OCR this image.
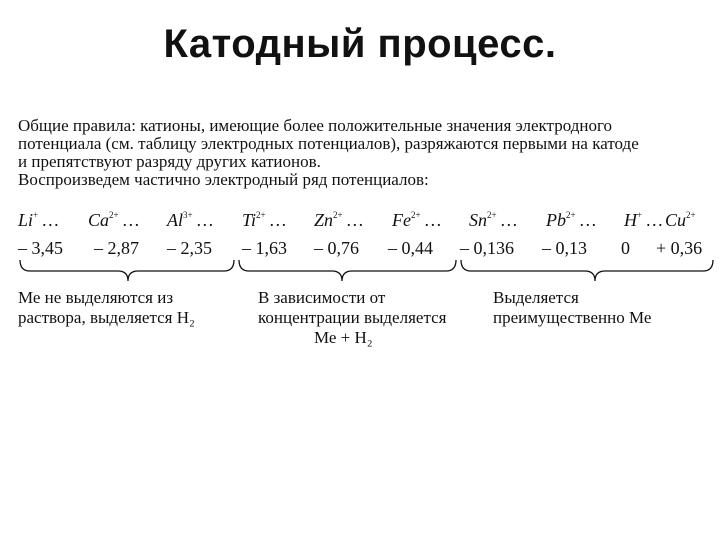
Катодный процесс.

Общие правила: катионы, имеющие более положительные значения электродного
потенциала (см. таблицу электродных потенциалов), разряжаются первыми на катоде
и препятствуют разряду других катионов.
Воспроизведем частично электродный ряд потенциалов:

Li+ … $Ca^{2+}$ … $Al^{3+}$ … $Ti^{2+}$ … $Zn^{2+}$ … $Fe^{2+}$ … $Sn^{2+}$ … $Pb^{2+}$ … H+ … $Cu^{2+}$
– 3,45 – 2,87 – 2,35 – 1,63 – 0,76 – 0,44 – 0,136 – 0,13 0 + 0,36
Ме не выделяются из
раствора, выделяется H₂
В зависимости от
концентрации выделяется
Ме + H₂
Выделяется
преимущественно Ме
